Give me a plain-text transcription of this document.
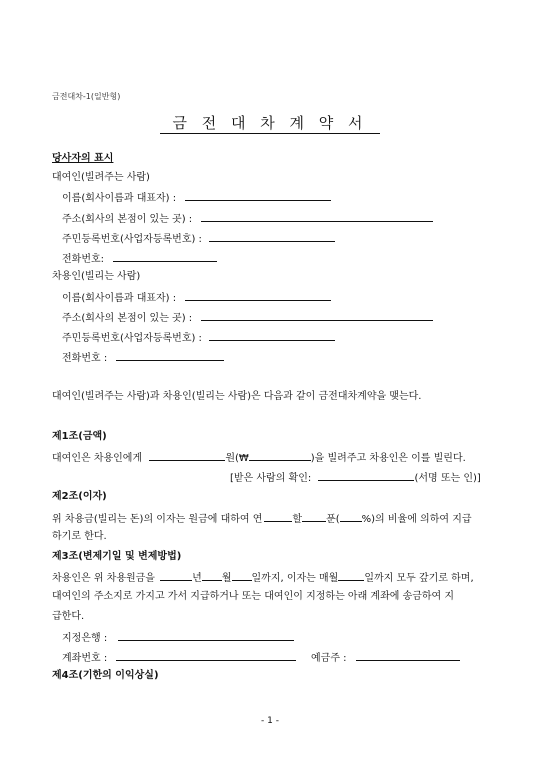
금전대차-1(일반형)
금 전 대 차 계 약 서
당사자의 표시
대여인(빌려주는 사람)
이름(회사이름과 대표자) :
주소(회사의 본점이 있는 곳) :
주민등록번호(사업자등록번호) :
전화번호:
차용인(빌리는 사람)
이름(회사이름과 대표자) :
주소(회사의 본점이 있는 곳) :
주민등록번호(사업자등록번호) :
전화번호 :
대여인(빌려주는 사람)과 차용인(빌리는 사람)은 다음과 같이 금전대차계약을 맺는다.
제1조(금액)
대여인은 차용인에게	원(₩	)을 빌려주고 차용인은 이를 빌린다.
[받은 사람의 확인:	(서명 또는 인)]
제2조(이자)
위 차용금(빌리는 돈)의 이자는 원금에 대하여 연	할 푼( %)의 비율에 의하여 지급
하기로 한다.
제3조(변제기일 및 변제방법)
차용인은 위 차용원금을	년 월 일까지, 이자는 매월	일까지 모두 갚기로 하며,
대여인의 주소지로 가지고 가서 지급하거나 또는 대여인이 지정하는 아래 계좌에 송금하여 지
급한다.
지정은행 :
계좌번호 :	예금주 :
제4조(기한의 이익상실)
- 1 -
